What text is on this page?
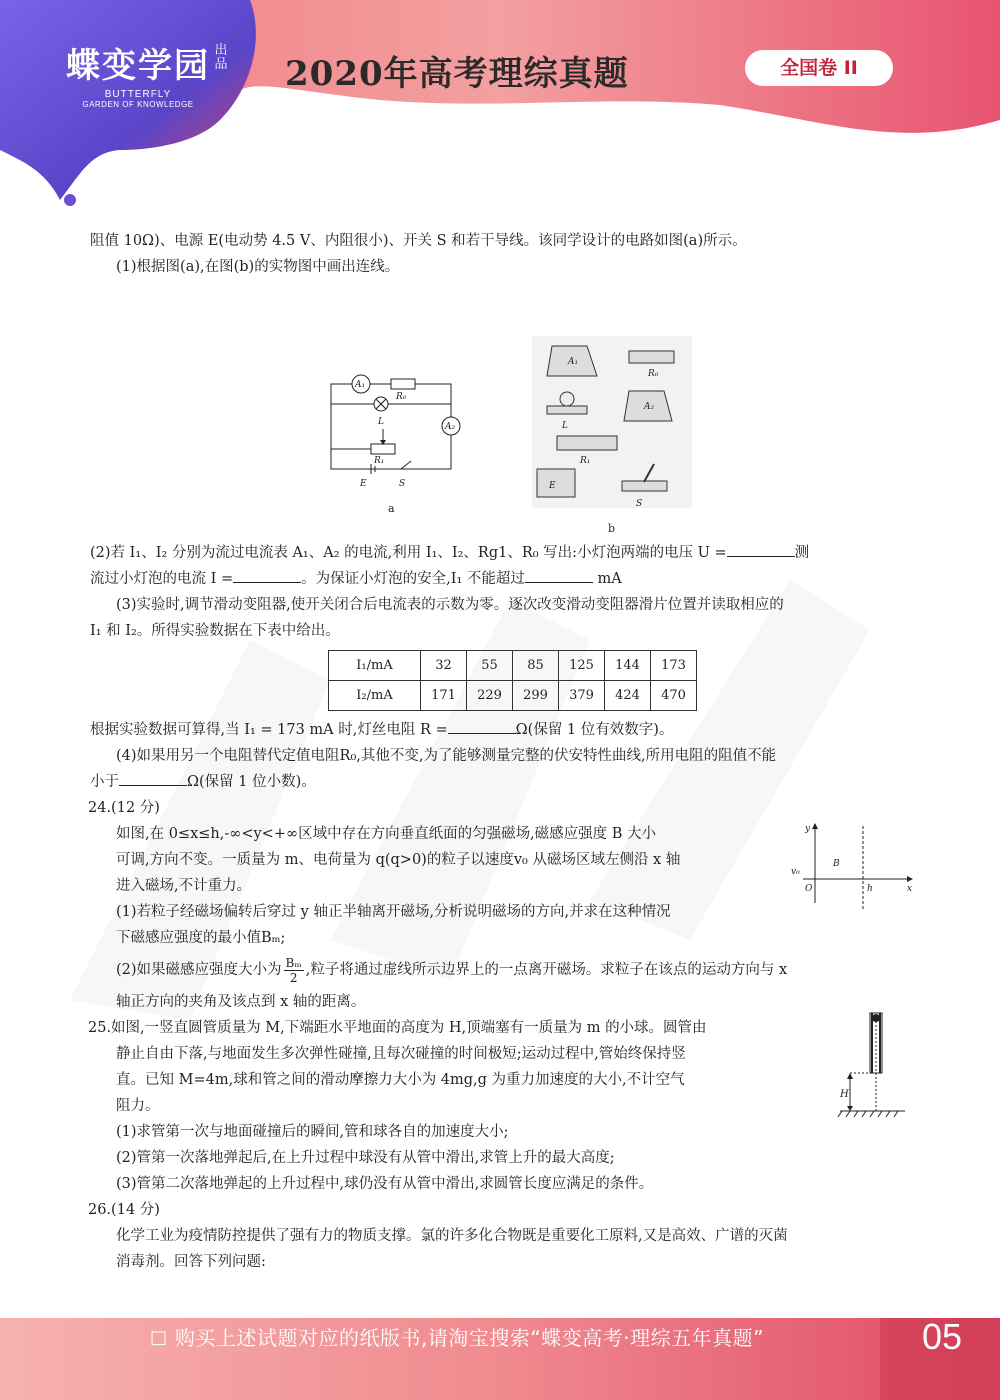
蝶变学园 出品
BUTTERFLY
GARDEN OF KNOWLEDGE
2020年高考理综真题	全国卷 II
阻值 10Ω)、电源 E(电动势 4.5 V、内阻很小)、开关 S 和若干导线。该同学设计的电路如图(a)所示。
(1)根据图(a),在图(b)的实物图中画出连线。
A₁
R₀
L	A₂
R₁
E	S
a
A₁
R₀
A₂
L
R₁
E
S
b
(2)若 I₁、I₂ 分别为流过电流表 A₁、A₂ 的电流,利用 I₁、I₂、Rg1、R₀ 写出:小灯泡两端的电压 U =	测
流过小灯泡的电流 I =	。为保证小灯泡的安全,I₁ 不能超过	mA
(3)实验时,调节滑动变阻器,使开关闭合后电流表的示数为零。逐次改变滑动变阻器滑片位置并读取相应的
I₁ 和 I₂。所得实验数据在下表中给出。
I₁/mA	32	55	85	125	144	173
I₂/mA	171	229	299	379	424	470
根据实验数据可算得,当 I₁ = 173 mA 时,灯丝电阻 R =	Ω(保留 1 位有效数字)。
(4)如果用另一个电阻替代定值电阻R₀,其他不变,为了能够测量完整的伏安特性曲线,所用电阻的阻值不能
小于	Ω(保留 1 位小数)。
24.(12 分)
如图,在 0≤x≤h,-∞<y<+∞区域中存在方向垂直纸面的匀强磁场,磁感应强度 B 大小
可调,方向不变。一质量为 m、电荷量为 q(q>0)的粒子以速度v₀ 从磁场区域左侧沿 x 轴
进入磁场,不计重力。
(1)若粒子经磁场偏转后穿过 y 轴正半轴离开磁场,分析说明磁场的方向,并求在这种情况
下磁感应强度的最小值Bₘ;
(2)如果磁感应强度大小为 $\frac{\text{Bₘ}}{2}$ ,粒子将通过虚线所示边界上的一点离开磁场。求粒子在该点的运动方向与 x
轴正方向的夹角及该点到 x 轴的距离。
y
B
v₀
O	h	x
25.如图,一竖直圆管质量为 M,下端距水平地面的高度为 H,顶端塞有一质量为 m 的小球。圆管由
静止自由下落,与地面发生多次弹性碰撞,且每次碰撞的时间极短;运动过程中,管始终保持竖
直。已知 M=4m,球和管之间的滑动摩擦力大小为 4mg,g 为重力加速度的大小,不计空气
阻力。
(1)求管第一次与地面碰撞后的瞬间,管和球各自的加速度大小;
(2)管第一次落地弹起后,在上升过程中球没有从管中滑出,求管上升的最大高度;
(3)管第二次落地弹起的上升过程中,球仍没有从管中滑出,求圆管长度应满足的条件。
H
26.(14 分)
化学工业为疫情防控提供了强有力的物质支撑。氯的许多化合物既是重要化工原料,又是高效、广谱的灭菌
消毒剂。回答下列问题:
□ 购买上述试题对应的纸版书,请淘宝搜索“蝶变高考·理综五年真题”	05
